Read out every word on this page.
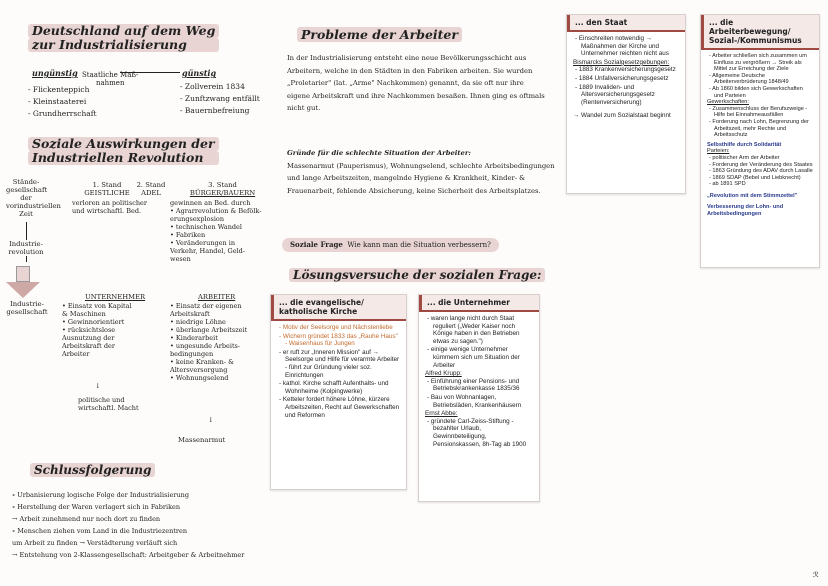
Deutschland auf dem Weg
zur Industrialisierung
ungünstig Staatliche Maß-
nahmen
günstig
- Flickenteppich
- Kleinstaaterei
- Grundherrschaft
- Zollverein 1834
- Zunftzwang entfällt
- Bauernbefreiung
Soziale Auswirkungen der
Industriellen Revolution
Stände-
gesellschaft
der
vorindustriellen
Zeit
Industrie-
revolution
Industrie-
gesellschaft
1. Stand
GEISTLICHE
verloren an politischer
und wirtschaftl. Bed.
2. Stand
ADEL
3. Stand
BÜRGER/BAUERN
gewinnen an Bed. durch
• Agrarrevolution & Befölk-
erungsexplosion
• technischen Wandel
• Fabriken
• Veränderungen in
Verkehr, Handel, Geld-
wesen
UNTERNEHMER
• Einsatz von Kapital
& Maschinen
• Gewinnorientiert
• rücksichtslose
Ausnutzung der
Arbeitskraft der
Arbeiter
↓
politische und
wirtschaftl. Macht
ARBEITER
• Einsatz der eigenen
Arbeitskraft
• niedrige Löhne
• überlange Arbeitszeit
• Kinderarbeit
• ungesunde Arbeits-
bedingungen
• keine Kranken- &
Altersversorgung
• Wohnungselend
↓
Massenarmut
Schlussfolgerung
∘ Urbanisierung logische Folge der Industrialisierung
∘ Herstellung der Waren verlagert sich in Fabriken
→ Arbeit zunehmend nur noch dort zu finden
∘ Menschen ziehen vom Land in die Industriezentren
um Arbeit zu finden → Verstädterung verläuft sich
→ Entstehung von 2-Klassengesellschaft: Arbeitgeber & Arbeitnehmer
Probleme der Arbeiter
In der Industrialisierung entsteht eine neue Bevölkerungsschicht aus Arbeitern, welche in den Städten in den Fabriken arbeiten. Sie wurden „Proletarier" (lat. „Arme" Nachkommen) genannt, da sie oft nur ihre eigene Arbeitskraft und ihre Nachkommen besaßen. Ihnen ging es oftmals nicht gut.
Gründe für die schlechte Situation der Arbeiter:
Massenarmut (Pauperismus), Wohnungselend, schlechte Arbeitsbedingungen und lange Arbeitszeiten, mangelnde Hygiene & Krankheit, Kinder- & Frauenarbeit, fehlende Absicherung, keine Sicherheit des Arbeitsplatzes.
Soziale Frage Wie kann man die Situation verbessern?
Lösungsversuche der sozialen Frage:
... die evangelische/
katholische Kirche
- Motiv der Seelsorge und Nächstenliebe
- Wichern gründet 1833 das „Rauhe Haus" - Waisenhaus für Jungen
- er ruft zur „Inneren Mission" auf → Seelsorge und Hilfe für verarmte Arbeiter - führt zur Gründung vieler soz. Einrichtungen
- kathol. Kirche schafft Aufenthalts- und Wohnheime (Kolpingwerke)
- Ketteler fordert höhere Löhne, kürzere Arbeitszeiten, Recht auf Gewerkschaften und Reformen
... die Unternehmer
- waren lange nicht durch Staat reguliert („Weder Kaiser noch Könige haben in den Betrieben etwas zu sagen.")
- einige wenige Unternehmer kümmern sich um Situation der Arbeiter
Alfred Krupp:
- Einführung einer Pensions- und Betriebskrankenkasse 1835/36
- Bau von Wohnanlagen, Betriebsläden, Krankenhäusern
Ernst Abbe:
- gründete Carl-Zeiss-Stiftung - bezahlter Urlaub, Gewinnbeteiligung, Pensionskassen, 8h-Tag ab 1900
... den Staat
- Einschreiten notwendig → Maßnahmen der Kirche und Unternehmer reichten nicht aus
Bismarcks Sozialgesetzgebungen:
- 1883 Krankenversicherungsgesetz
- 1884 Unfallversicherungsgesetz
- 1889 Invaliden- und Altersversicherungsgesetz (Rentenversicherung)
→ Wandel zum Sozialstaat beginnt
... die Arbeiterbewegung/
Sozial-/Kommunismus
- Arbeiter schließen sich zusammen um Einfluss zu vergrößern → Streik als Mittel zur Erreichung der Ziele
- Allgemeine Deutsche Arbeiterverbrüderung 1848/49
- Ab 1860 bilden sich Gewerkschaften und Parteien
Gewerkschaften:
- Zusammenschluss der Berufszweige - Hilfe bei Einnahmeausfällen
- Forderung nach Lohn, Begrenzung der Arbeitszeit, mehr Rechte und Arbeitsschutz
Selbsthilfe durch Solidarität
Parteien:
- politischer Arm der Arbeiter
- Forderung der Veränderung des Staates
- 1863 Gründung des ADAV durch Lasalle
- 1869 SDAP (Bebel und Liebknecht)
- ab 1891 SPD
„Revolution mit dem Stimmzettel"
Verbesserung der Lohn- und Arbeitsbedingungen
ℛ
